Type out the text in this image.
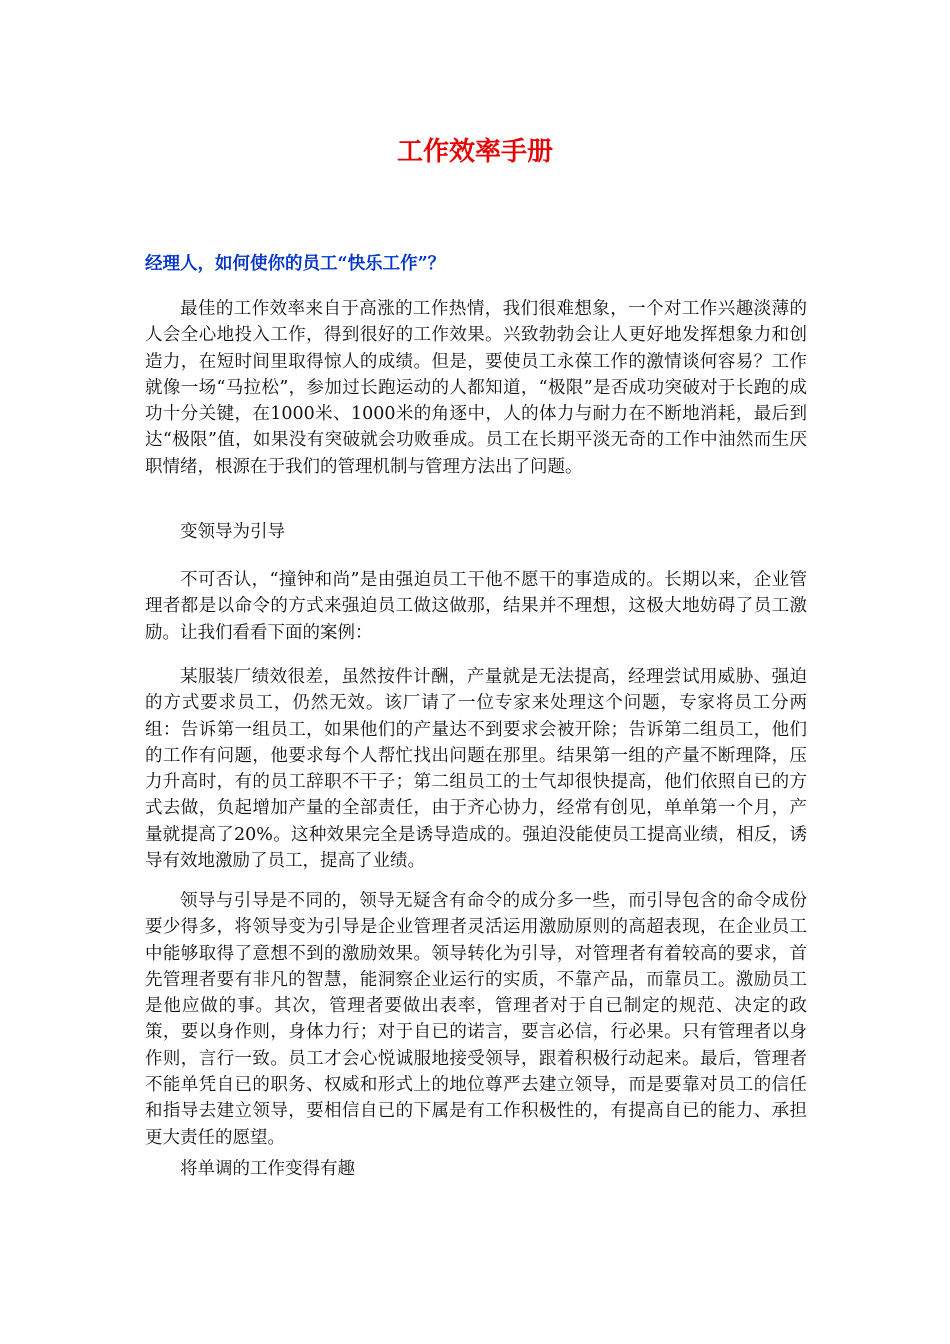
工作效率手册
经理人，如何使你的员工“快乐工作”？

最佳的工作效率来自于高涨的工作热情，我们很难想象，一个对工作兴趣淡薄的人会全心地投入工作，得到很好的工作效果。兴致勃勃会让人更好地发挥想象力和创造力，在短时间里取得惊人的成绩。但是，要使员工永葆工作的激情谈何容易？工作就像一场“马拉松”，参加过长跑运动的人都知道，“极限”是否成功突破对于长跑的成功十分关键，在1000米、1000米的角逐中，人的体力与耐力在不断地消耗，最后到达“极限”值，如果没有突破就会功败垂成。员工在长期平淡无奇的工作中油然而生厌职情绪，根源在于我们的管理机制与管理方法出了问题。

变领导为引导

不可否认，“撞钟和尚”是由强迫员工干他不愿干的事造成的。长期以来，企业管理者都是以命令的方式来强迫员工做这做那，结果并不理想，这极大地妨碍了员工激励。让我们看看下面的案例：

某服装厂绩效很差，虽然按件计酬，产量就是无法提高，经理尝试用威胁、强迫的方式要求员工，仍然无效。该厂请了一位专家来处理这个问题，专家将员工分两组：告诉第一组员工，如果他们的产量达不到要求会被开除；告诉第二组员工，他们的工作有问题，他要求每个人帮忙找出问题在那里。结果第一组的产量不断理降，压力升高时，有的员工辞职不干子；第二组员工的士气却很快提高，他们依照自已的方式去做，负起增加产量的全部责任，由于齐心协力，经常有创见，单单第一个月，产量就提高了20%。这种效果完全是诱导造成的。强迫没能使员工提高业绩，相反，诱导有效地激励了员工，提高了业绩。

领导与引导是不同的，领导无疑含有命令的成分多一些，而引导包含的命令成份要少得多，将领导变为引导是企业管理者灵活运用激励原则的高超表现，在企业员工中能够取得了意想不到的激励效果。领导转化为引导，对管理者有着较高的要求，首先管理者要有非凡的智慧，能洞察企业运行的实质，不靠产品，而靠员工。激励员工是他应做的事。其次，管理者要做出表率，管理者对于自已制定的规范、决定的政策，要以身作则，身体力行；对于自已的诺言，要言必信，行必果。只有管理者以身作则，言行一致。员工才会心悦诚服地接受领导，跟着积极行动起来。最后，管理者不能单凭自已的职务、权威和形式上的地位尊严去建立领导，而是要靠对员工的信任和指导去建立领导，要相信自已的下属是有工作积极性的，有提高自已的能力、承担更大责任的愿望。

将单调的工作变得有趣
